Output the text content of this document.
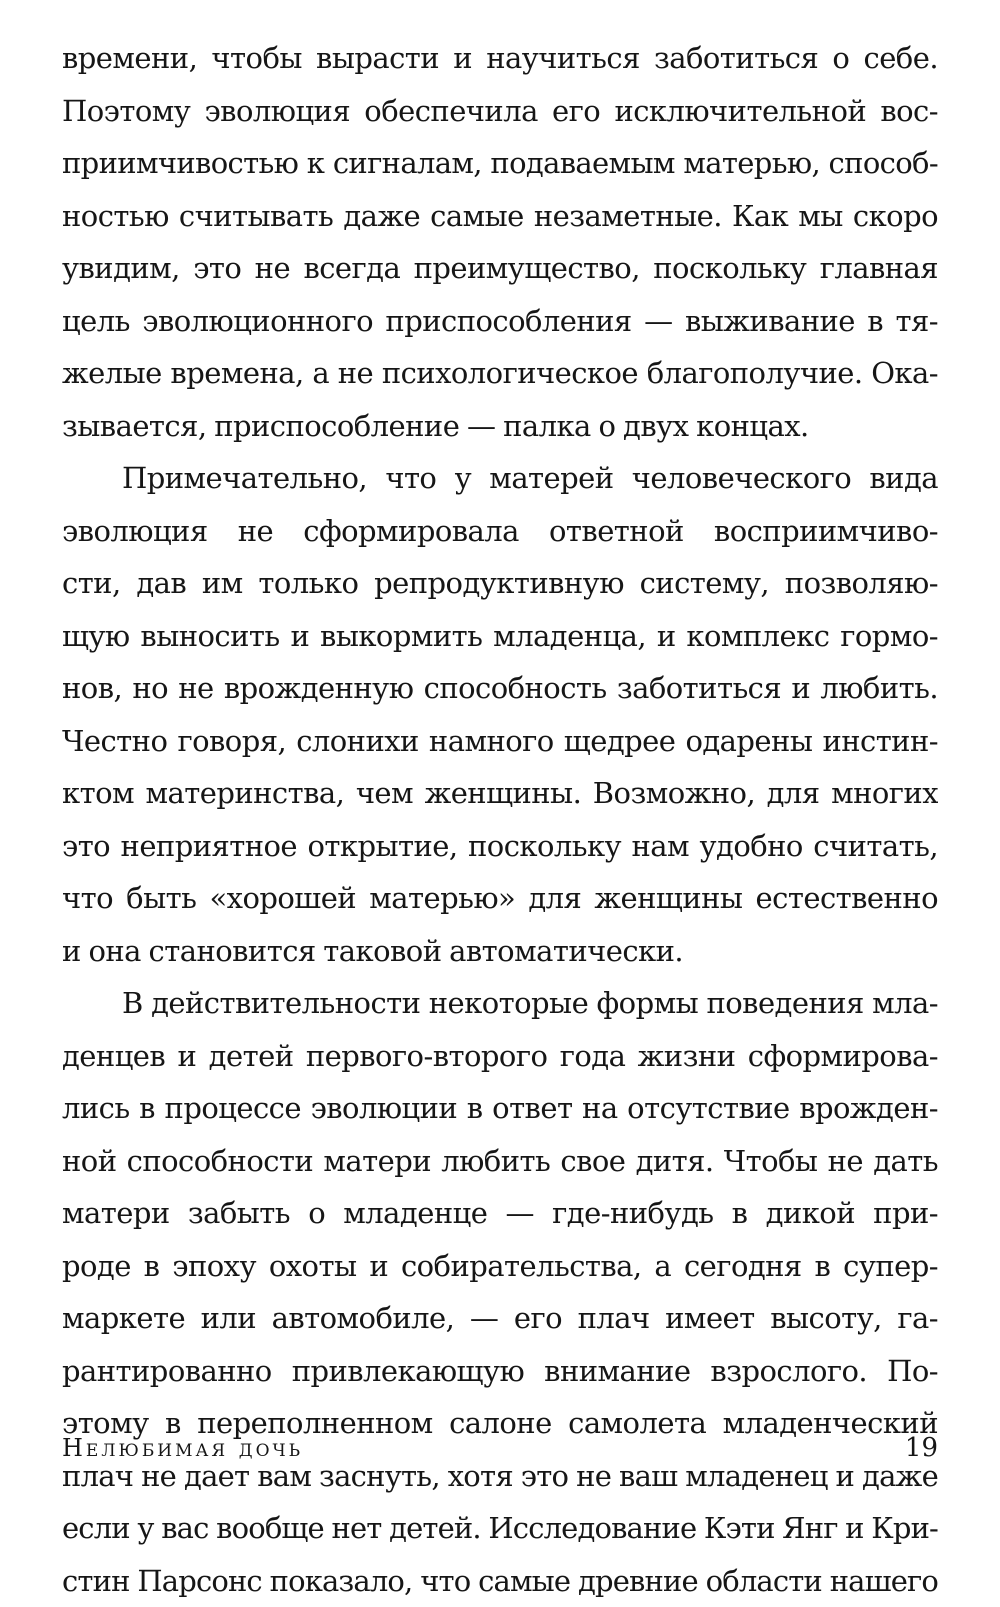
времени, чтобы вырасти и научиться заботиться о себе.
Поэтому эволюция обеспечила его исключительной вос-
приимчивостью к сигналам, подаваемым матерью, способ-
ностью считывать даже самые незаметные. Как мы скоро
увидим, это не всегда преимущество, поскольку главная
цель эволюционного приспособления — выживание в тя-
желые времена, а не психологическое благополучие. Ока-
зывается, приспособление — палка о двух концах.
Примечательно, что у матерей человеческого вида
эволюция не сформировала ответной восприимчиво-
сти, дав им только репродуктивную систему, позволяю-
щую выносить и выкормить младенца, и комплекс гормо-
нов, но не врожденную способность заботиться и любить.
Честно говоря, слонихи намного щедрее одарены инстин-
ктом материнства, чем женщины. Возможно, для многих
это неприятное открытие, поскольку нам удобно считать,
что быть «хорошей матерью» для женщины естественно
и она становится таковой автоматически.
В действительности некоторые формы поведения мла-
денцев и детей первого-второго года жизни сформирова-
лись в процессе эволюции в ответ на отсутствие врожден-
ной способности матери любить свое дитя. Чтобы не дать
матери забыть о младенце — где-нибудь в дикой при-
роде в эпоху охоты и собирательства, а сегодня в супер-
маркете или автомобиле, — его плач имеет высоту, га-
рантированно привлекающую внимание взрослого. По-
этому в переполненном салоне самолета младенческий
плач не дает вам заснуть, хотя это не ваш младенец и даже
если у вас вообще нет детей. Исследование Кэти Янг и Кри-
стин Парсонс показало, что самые древние области нашего
Нелюбимая дочь	19
